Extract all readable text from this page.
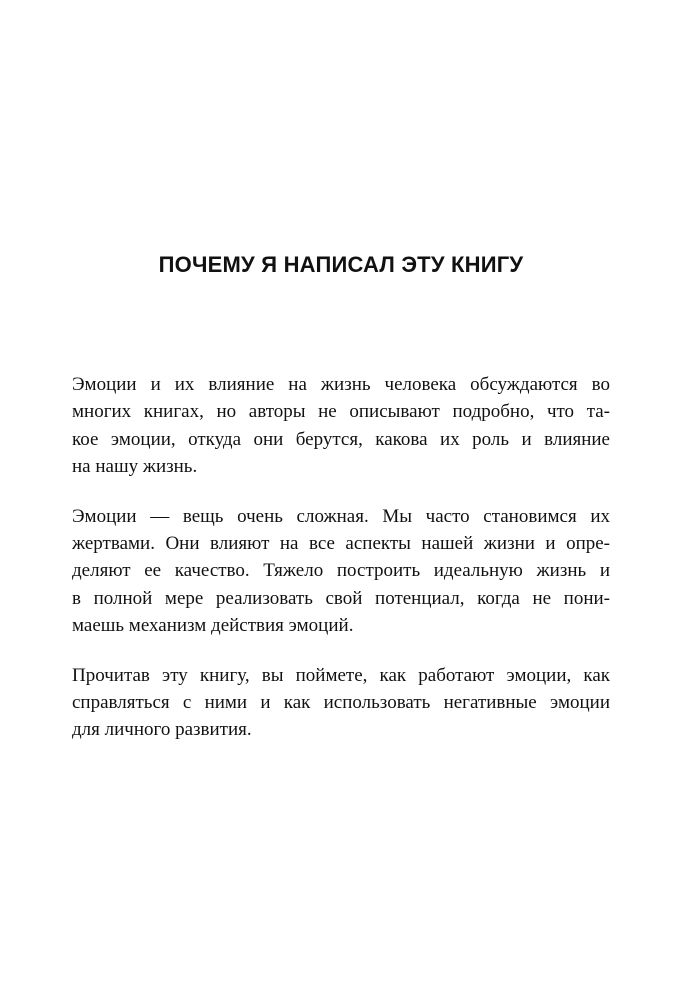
ПОЧЕМУ Я НАПИСАЛ ЭТУ КНИГУ

Эмоции и их влияние на жизнь человека обсуждаются во
многих книгах, но авторы не описывают подробно, что та-
кое эмоции, откуда они берутся, какова их роль и влияние
на нашу жизнь.

Эмоции — вещь очень сложная. Мы часто становимся их
жертвами. Они влияют на все аспекты нашей жизни и опре-
деляют ее качество. Тяжело построить идеальную жизнь и
в полной мере реализовать свой потенциал, когда не пони-
маешь механизм действия эмоций.

Прочитав эту книгу, вы поймете, как работают эмоции, как
справляться с ними и как использовать негативные эмоции
для личного развития.
